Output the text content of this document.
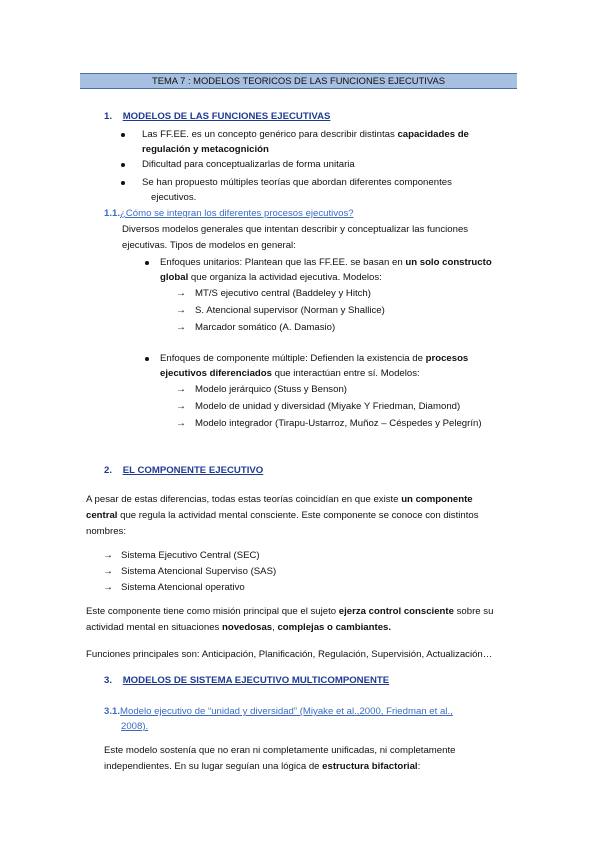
TEMA 7 : MODELOS TEORICOS DE LAS FUNCIONES EJECUTIVAS
1. MODELOS DE LAS FUNCIONES EJECUTIVAS
Las FF.EE. es un concepto genérico para describir distintas capacidades de
regulación y metacognición
Dificultad para conceptualizarlas de forma unitaria
Se han propuesto múltiples teorías que abordan diferentes componentes
ejecutivos.
1.1.¿Cómo se integran los diferentes procesos ejecutivos?
Diversos modelos generales que intentan describir y conceptualizar las funciones
ejecutivas. Tipos de modelos en general:
Enfoques unitarios: Plantean que las FF.EE. se basan en un solo constructo
global que organiza la actividad ejecutiva. Modelos:
→ MT/S ejecutivo central (Baddeley y Hitch)
→ S. Atencional supervisor (Norman y Shallice)
→ Marcador somático (A. Damasio)
Enfoques de componente múltiple: Defienden la existencia de procesos
ejecutivos diferenciados que interactúan entre sí. Modelos:
→ Modelo jerárquico (Stuss y Benson)
→ Modelo de unidad y diversidad (Miyake Y Friedman, Diamond)
→ Modelo integrador (Tirapu-Ustarroz, Muñoz – Céspedes y Pelegrín)
2. EL COMPONENTE EJECUTIVO
A pesar de estas diferencias, todas estas teorías coincidían en que existe un componente
central que regula la actividad mental consciente. Este componente se conoce con distintos
nombres:
→ Sistema Ejecutivo Central (SEC)
→ Sistema Atencional Superviso (SAS)
→ Sistema Atencional operativo
Este componente tiene como misión principal que el sujeto ejerza control consciente sobre su
actividad mental en situaciones novedosas, complejas o cambiantes.
Funciones principales son: Anticipación, Planificación, Regulación, Supervisión, Actualización…
3. MODELOS DE SISTEMA EJECUTIVO MULTICOMPONENTE
3.1.Modelo ejecutivo de “unidad y diversidad” (Miyake et al.,2000, Friedman et al.,
2008).
Este modelo sostenía que no eran ni completamente unificadas, ni completamente
independientes. En su lugar seguían una lógica de estructura bifactorial:
